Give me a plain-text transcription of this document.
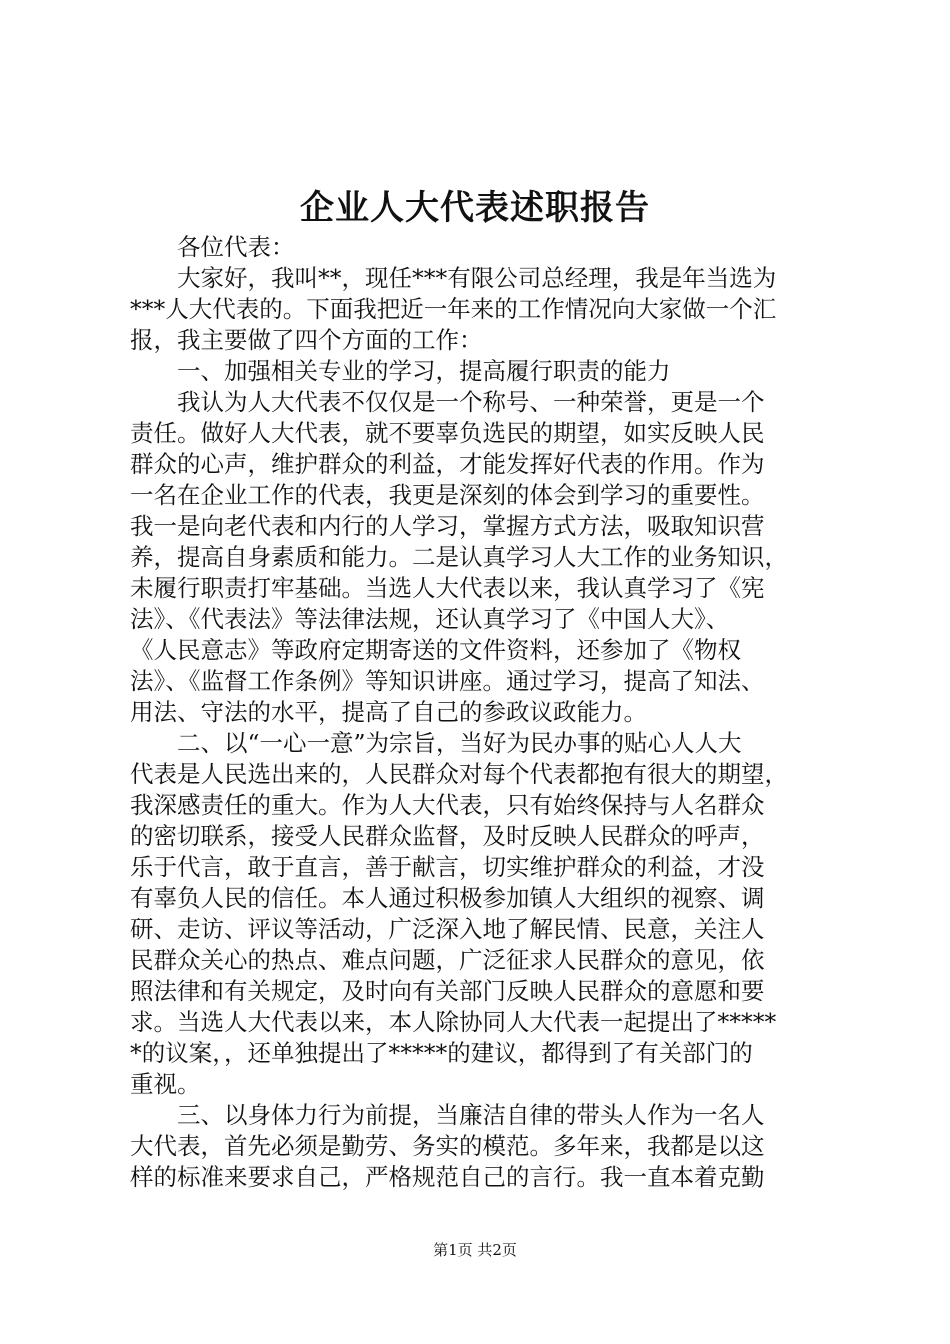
企业人大代表述职报告
　　各位代表：
　　大家好，我叫**，现任***有限公司总经理，我是年当选为
***人大代表的。下面我把近一年来的工作情况向大家做一个汇
报，我主要做了四个方面的工作：
　　一、加强相关专业的学习，提高履行职责的能力
　　我认为人大代表不仅仅是一个称号、一种荣誉，更是一个
责任。做好人大代表，就不要辜负选民的期望，如实反映人民
群众的心声，维护群众的利益，才能发挥好代表的作用。作为
一名在企业工作的代表，我更是深刻的体会到学习的重要性。
我一是向老代表和内行的人学习，掌握方式方法，吸取知识营
养，提高自身素质和能力。二是认真学习人大工作的业务知识，
未履行职责打牢基础。当选人大代表以来，我认真学习了《宪
法》、《代表法》等法律法规，还认真学习了《中国人大》、
《人民意志》等政府定期寄送的文件资料，还参加了《物权
法》、《监督工作条例》等知识讲座。通过学习，提高了知法、
用法、守法的水平，提高了自己的参政议政能力。
　　二、以“一心一意”为宗旨，当好为民办事的贴心人人大
代表是人民选出来的，人民群众对每个代表都抱有很大的期望，
我深感责任的重大。作为人大代表，只有始终保持与人名群众
的密切联系，接受人民群众监督，及时反映人民群众的呼声，
乐于代言，敢于直言，善于献言，切实维护群众的利益，才没
有辜负人民的信任。本人通过积极参加镇人大组织的视察、调
研、走访、评议等活动，广泛深入地了解民情、民意，关注人
民群众关心的热点、难点问题，广泛征求人民群众的意见，依
照法律和有关规定，及时向有关部门反映人民群众的意愿和要
求。当选人大代表以来，本人除协同人大代表一起提出了*****
*的议案，，还单独提出了*****的建议，都得到了有关部门的
重视。
　　三、以身体力行为前提，当廉洁自律的带头人作为一名人
大代表，首先必须是勤劳、务实的模范。多年来，我都是以这
样的标准来要求自己，严格规范自己的言行。我一直本着克勤
第1页 共2页
